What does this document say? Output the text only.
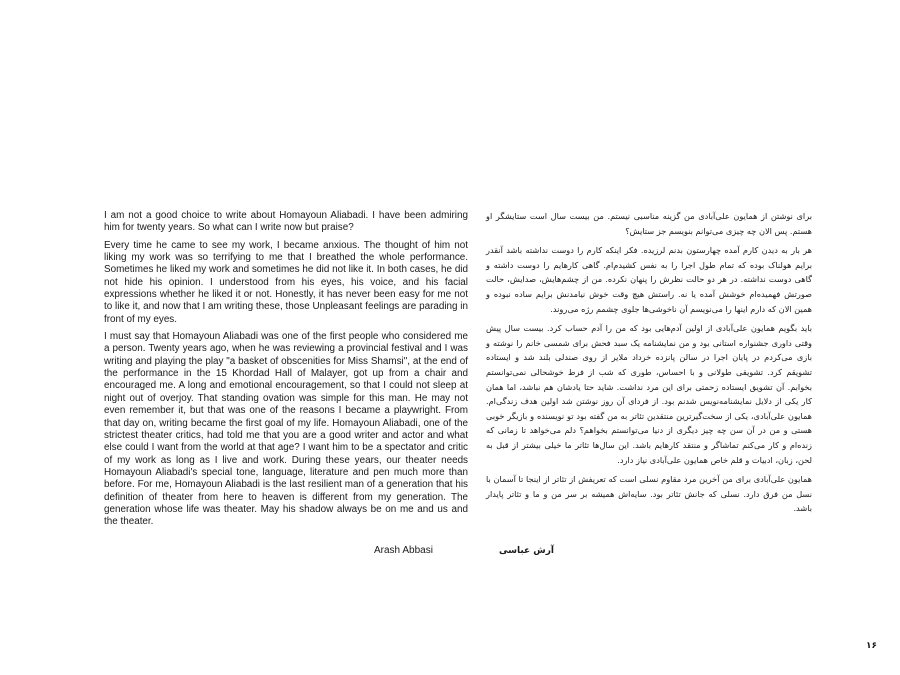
I am not a good choice to write about Homayoun Aliabadi. I have been admiring him for twenty years. So what can I write now but praise?

Every time he came to see my work, I became anxious. The thought of him not liking my work was so terrifying to me that I breathed the whole performance. Sometimes he liked my work and sometimes he did not like it. In both cases, he did not hide his opinion. I understood from his eyes, his voice, and his facial expressions whether he liked it or not. Honestly, it has never been easy for me not to like it, and now that I am writing these, those Unpleasant feelings are parading in front of my eyes.

I must say that Homayoun Aliabadi was one of the first people who considered me a person. Twenty years ago, when he was reviewing a provincial festival and I was writing and playing the play "a basket of obscenities for Miss Shamsi", at the end of the performance in the 15 Khordad Hall of Malayer, got up from a chair and encouraged me. A long and emotional encouragement, so that I could not sleep at night out of overjoy. That standing ovation was simple for this man. He may not even remember it, but that was one of the reasons I became a playwright. From that day on, writing became the first goal of my life. Homayoun Aliabadi, one of the strictest theater critics, had told me that you are a good writer and actor and what else could I want from the world at that age? I want him to be a spectator and critic of my work as long as I live and work. During these years, our theater needs Homayoun Aliabadi's special tone, language, literature and pen much more than before. For me, Homayoun Aliabadi is the last resilient man of a generation that his definition of theater from here to heaven is different from my generation. The generation whose life was theater. May his shadow always be on me and us and the theater.

Arash Abbasi

برای نوشتن از همایون علی‌آبادی من گزینه مناسبی نیستم. من بیست سال است ستایشگر او هستم. پس الان چه چیزی می‌توانم بنویسم جز ستایش؟

هر بار به دیدن کارم آمده چهارستون بدنم لرزیده. فکر اینکه کارم را دوست نداشته باشد آنقدر برایم هولناک بوده که تمام طول اجرا را به نفس کشیدم‌ام. گاهی کارهایم را دوست داشته و گاهی دوست نداشته. در هر دو حالت نظرش را پنهان نکرده. من از چشم‌هایش، صدایش، حالت صورتش فهمیده‌ام خوشش آمده یا نه. راستش هیچ وقت خوش نیامدنش برایم ساده نبوده و همین الان که دارم اینها را می‌نویسم آن ناخوشی‌ها جلوی چشمم رژه می‌روند.

باید بگویم همایون علی‌آبادی از اولین آدم‌هایی بود که من را آدم حساب کرد. بیست سال پیش وقتی داوری جشنواره استانی بود و من نمایشنامه یک سبد فحش برای شمسی خانم را نوشته و بازی می‌کردم در پایان اجرا در سالن پانزده خرداد ملایر از روی صندلی بلند شد و ایستاده تشویقم کرد. تشویقی طولانی و با احساس، طوری که شب از فرط خوشحالی نمی‌توانستم بخوابم. آن تشویق ایستاده زحمتی برای این مرد نداشت. شاید حتا یادشان هم نباشد، اما همان کار یکی از دلایل نمایشنامه‌نویس شدنم بود. از فردای آن روز نوشتن شد اولین هدف زندگی‌ام. همایون علی‌آبادی، یکی از سخت‌گیرترین منتقدین تئاتر به من گفته بود تو نویسنده و بازیگر خوبی هستی و من در آن سن چه چیز دیگری از دنیا می‌توانستم بخواهم؟ دلم می‌خواهد تا زمانی که زنده‌ام و کار می‌کنم تماشاگر و منتقد کارهایم باشد. این سال‌ها تئاتر ما خیلی بیشتر از قبل به لحن، زبان، ادبیات و قلم خاص همایون علی‌آبادی نیاز دارد.

همایون علی‌آبادی برای من آخرین مرد مقاوم نسلی است که تعریفش از تئاتر از اینجا تا آسمان با نسل من فرق دارد. نسلی که جانش تئاتر بود. سایه‌اش همیشه بر سر من و ما و تئاتر پایدار باشد.

آرش عباسی
۱۶
